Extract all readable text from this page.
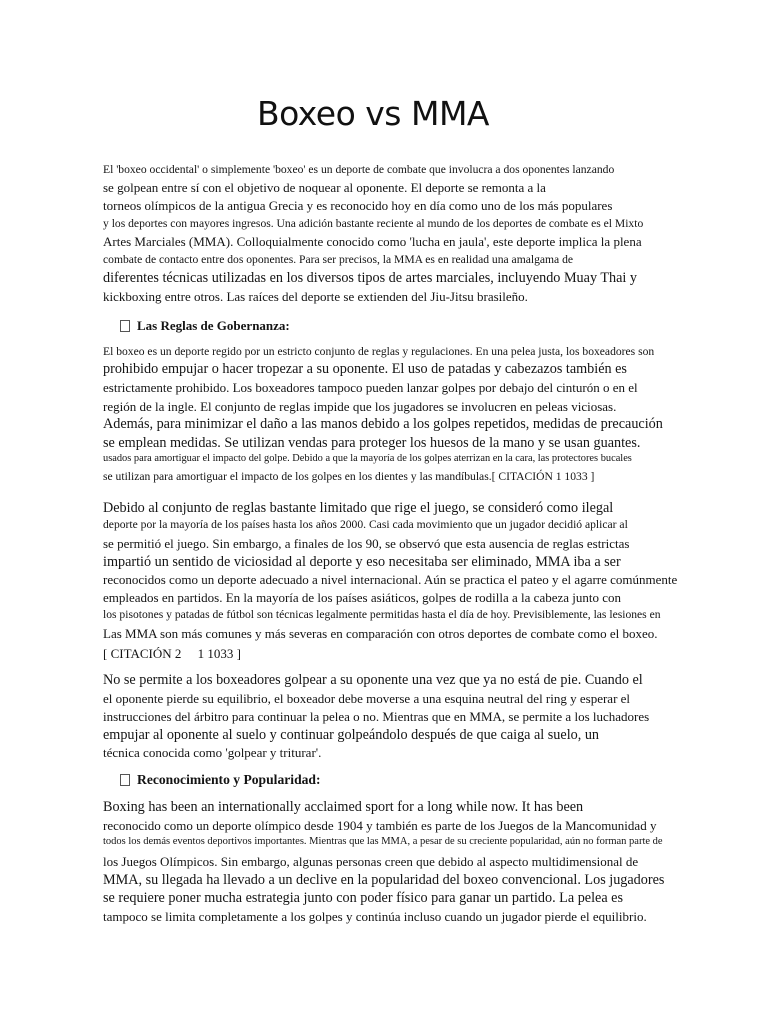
Boxeo vs MMA
El 'boxeo occidental' o simplemente 'boxeo' es un deporte de combate que involucra a dos oponentes lanzando
se golpean entre sí con el objetivo de noquear al oponente. El deporte se remonta a la
torneos olímpicos de la antigua Grecia y es reconocido hoy en día como uno de los más populares
y los deportes con mayores ingresos. Una adición bastante reciente al mundo de los deportes de combate es el Mixto
Artes Marciales (MMA). Colloquialmente conocido como 'lucha en jaula', este deporte implica la plena
combate de contacto entre dos oponentes. Para ser precisos, la MMA es en realidad una amalgama de
diferentes técnicas utilizadas en los diversos tipos de artes marciales, incluyendo Muay Thai y
kickboxing entre otros. Las raíces del deporte se extienden del Jiu-Jitsu brasileño.
Las Reglas de Gobernanza:
El boxeo es un deporte regido por un estricto conjunto de reglas y regulaciones. En una pelea justa, los boxeadores son
prohibido empujar o hacer tropezar a su oponente. El uso de patadas y cabezazos también es
estrictamente prohibido. Los boxeadores tampoco pueden lanzar golpes por debajo del cinturón o en el
región de la ingle. El conjunto de reglas impide que los jugadores se involucren en peleas viciosas.
Además, para minimizar el daño a las manos debido a los golpes repetidos, medidas de precaución
se emplean medidas. Se utilizan vendas para proteger los huesos de la mano y se usan guantes.
usados para amortiguar el impacto del golpe. Debido a que la mayoría de los golpes aterrizan en la cara, las protectores bucales
se utilizan para amortiguar el impacto de los golpes en los dientes y las mandíbulas.[ CITACIÓN 1 1033 ]
Debido al conjunto de reglas bastante limitado que rige el juego, se consideró como ilegal
deporte por la mayoría de los países hasta los años 2000. Casi cada movimiento que un jugador decidió aplicar al
se permitió el juego. Sin embargo, a finales de los 90, se observó que esta ausencia de reglas estrictas
impartió un sentido de viciosidad al deporte y eso necesitaba ser eliminado, MMA iba a ser
reconocidos como un deporte adecuado a nivel internacional. Aún se practica el pateo y el agarre comúnmente
empleados en partidos. En la mayoría de los países asiáticos, golpes de rodilla a la cabeza junto con
los pisotones y patadas de fútbol son técnicas legalmente permitidas hasta el día de hoy. Previsiblemente, las lesiones en
Las MMA son más comunes y más severas en comparación con otros deportes de combate como el boxeo.
[ CITACIÓN 2     1 1033 ]
No se permite a los boxeadores golpear a su oponente una vez que ya no está de pie. Cuando el
el oponente pierde su equilibrio, el boxeador debe moverse a una esquina neutral del ring y esperar el
instrucciones del árbitro para continuar la pelea o no. Mientras que en MMA, se permite a los luchadores
empujar al oponente al suelo y continuar golpeándolo después de que caiga al suelo, un
técnica conocida como 'golpear y triturar'.
Reconocimiento y Popularidad:
Boxing has been an internationally acclaimed sport for a long while now. It has been
reconocido como un deporte olímpico desde 1904 y también es parte de los Juegos de la Mancomunidad y
todos los demás eventos deportivos importantes. Mientras que las MMA, a pesar de su creciente popularidad, aún no forman parte de
los Juegos Olímpicos. Sin embargo, algunas personas creen que debido al aspecto multidimensional de
MMA, su llegada ha llevado a un declive en la popularidad del boxeo convencional. Los jugadores
se requiere poner mucha estrategia junto con poder físico para ganar un partido. La pelea es
tampoco se limita completamente a los golpes y continúa incluso cuando un jugador pierde el equilibrio.
